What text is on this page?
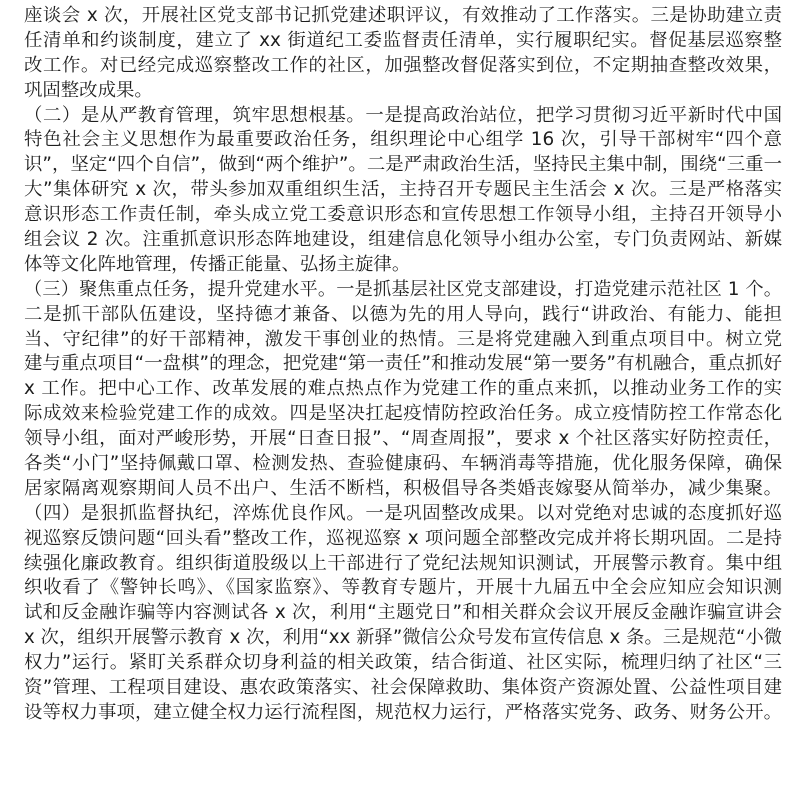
座谈会 x 次，开展社区党支部书记抓党建述职评议，有效推动了工作落实。三是协助建立责
任清单和约谈制度，建立了 xx 街道纪工委监督责任清单，实行履职纪实。督促基层巡察整
改工作。对已经完成巡察整改工作的社区，加强整改督促落实到位，不定期抽查整改效果，
巩固整改成果。
（二）是从严教育管理，筑牢思想根基。一是提高政治站位，把学习贯彻习近平新时代中国
特色社会主义思想作为最重要政治任务，组织理论中心组学 16 次，引导干部树牢“四个意
识”，坚定“四个自信”，做到“两个维护”。二是严肃政治生活，坚持民主集中制，围绕“三重一
大”集体研究 x 次，带头参加双重组织生活，主持召开专题民主生活会 x 次。三是严格落实
意识形态工作责任制，牵头成立党工委意识形态和宣传思想工作领导小组，主持召开领导小
组会议 2 次。注重抓意识形态阵地建设，组建信息化领导小组办公室，专门负责网站、新媒
体等文化阵地管理，传播正能量、弘扬主旋律。
（三）聚焦重点任务，提升党建水平。一是抓基层社区党支部建设，打造党建示范社区 1 个。
二是抓干部队伍建设，坚持德才兼备、以德为先的用人导向，践行“讲政治、有能力、能担
当、守纪律”的好干部精神，激发干事创业的热情。三是将党建融入到重点项目中。树立党
建与重点项目“一盘棋”的理念，把党建“第一责任”和推动发展“第一要务”有机融合，重点抓好
x 工作。把中心工作、改革发展的难点热点作为党建工作的重点来抓，以推动业务工作的实
际成效来检验党建工作的成效。四是坚决扛起疫情防控政治任务。成立疫情防控工作常态化
领导小组，面对严峻形势，开展“日查日报”、“周查周报”，要求 x 个社区落实好防控责任，
各类“小门”坚持佩戴口罩、检测发热、查验健康码、车辆消毒等措施，优化服务保障，确保
居家隔离观察期间人员不出户、生活不断档，积极倡导各类婚丧嫁娶从简举办，减少集聚。
（四）是狠抓监督执纪，淬炼优良作风。一是巩固整改成果。以对党绝对忠诚的态度抓好巡
视巡察反馈问题“回头看”整改工作，巡视巡察 x 项问题全部整改完成并将长期巩固。二是持
续强化廉政教育。组织街道股级以上干部进行了党纪法规知识测试，开展警示教育。集中组
织收看了《警钟长鸣》、《国家监察》、等教育专题片，开展十九届五中全会应知应会知识测
试和反金融诈骗等内容测试各 x 次，利用“主题党日”和相关群众会议开展反金融诈骗宣讲会
x 次，组织开展警示教育 x 次，利用“xx 新驿”微信公众号发布宣传信息 x 条。三是规范“小微
权力”运行。紧盯关系群众切身利益的相关政策，结合街道、社区实际，梳理归纳了社区“三
资”管理、工程项目建设、惠农政策落实、社会保障救助、集体资产资源处置、公益性项目建
设等权力事项，建立健全权力运行流程图，规范权力运行，严格落实党务、政务、财务公开。
